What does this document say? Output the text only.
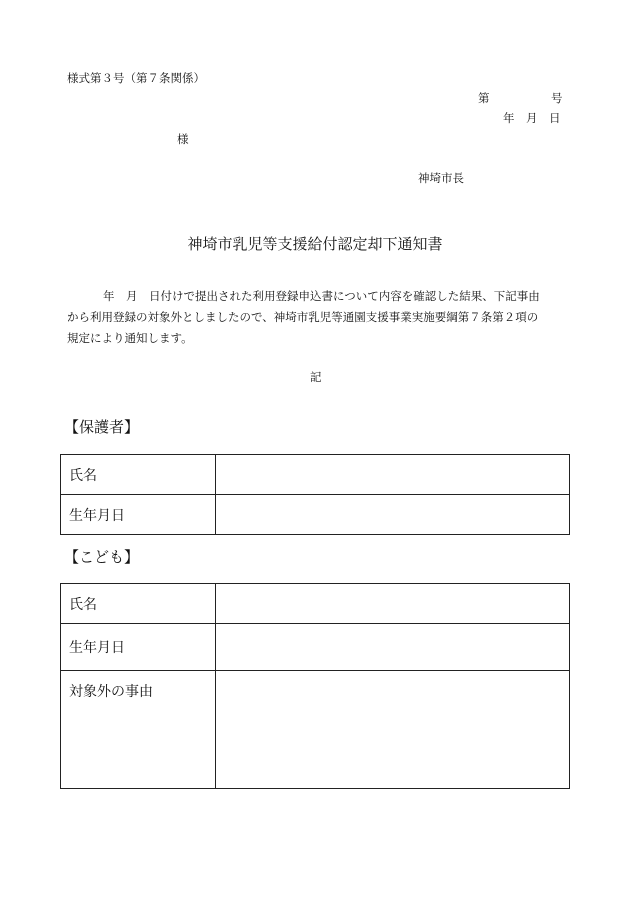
様式第３号（第７条関係）
第	号
年　月　日
様
神埼市長
神埼市乳児等支援給付認定却下通知書

年　月　日付けで提出された利用登録申込書について内容を確認した結果、下記事由

から利用登録の対象外としましたので、神埼市乳児等通園支援事業実施要綱第７条第２項の

規定により通知します。

記
【保護者】
氏名	
生年月日	
【こども】
氏名	
生年月日	
対象外の事由	
